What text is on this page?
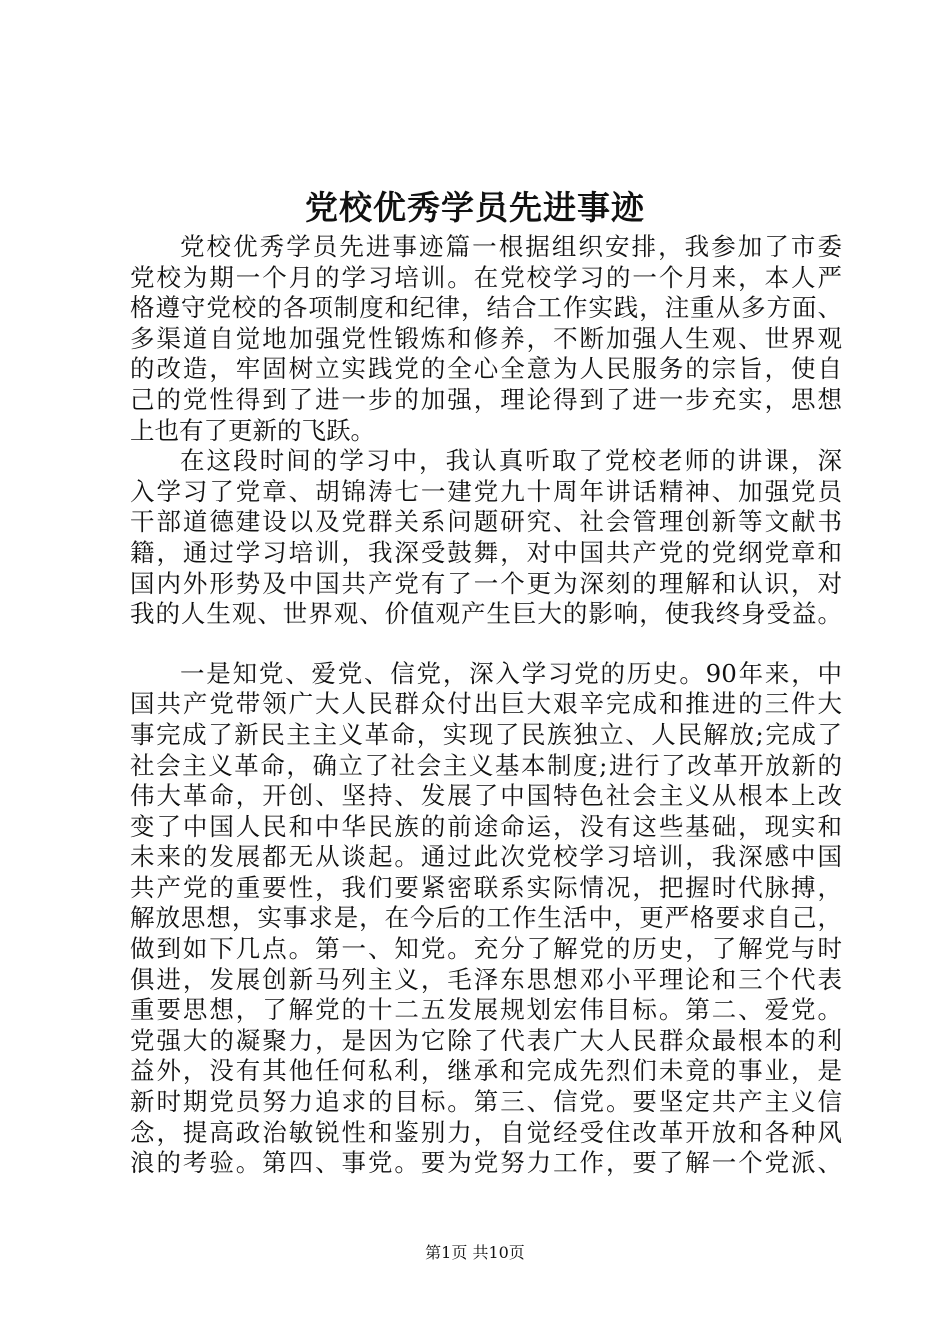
党校优秀学员先进事迹
党校优秀学员先进事迹篇一根据组织安排，我参加了市委
党校为期一个月的学习培训。在党校学习的一个月来，本人严
格遵守党校的各项制度和纪律，结合工作实践，注重从多方面、
多渠道自觉地加强党性锻炼和修养，不断加强人生观、世界观
的改造，牢固树立实践党的全心全意为人民服务的宗旨，使自
己的党性得到了进一步的加强，理论得到了进一步充实，思想
上也有了更新的飞跃。
在这段时间的学习中，我认真听取了党校老师的讲课，深
入学习了党章、胡锦涛七一建党九十周年讲话精神、加强党员
干部道德建设以及党群关系问题研究、社会管理创新等文献书
籍，通过学习培训，我深受鼓舞，对中国共产党的党纲党章和
国内外形势及中国共产党有了一个更为深刻的理解和认识，对
我的人生观、世界观、价值观产生巨大的影响，使我终身受益。
一是知党、爱党、信党，深入学习党的历史。90年来，中
国共产党带领广大人民群众付出巨大艰辛完成和推进的三件大
事完成了新民主主义革命，实现了民族独立、人民解放;完成了
社会主义革命，确立了社会主义基本制度;进行了改革开放新的
伟大革命，开创、坚持、发展了中国特色社会主义从根本上改
变了中国人民和中华民族的前途命运，没有这些基础，现实和
未来的发展都无从谈起。通过此次党校学习培训，我深感中国
共产党的重要性，我们要紧密联系实际情况，把握时代脉搏，
解放思想，实事求是，在今后的工作生活中，更严格要求自己，
做到如下几点。第一、知党。充分了解党的历史，了解党与时
俱进，发展创新马列主义，毛泽东思想邓小平理论和三个代表
重要思想，了解党的十二五发展规划宏伟目标。第二、爱党。
党强大的凝聚力，是因为它除了代表广大人民群众最根本的利
益外，没有其他任何私利，继承和完成先烈们未竟的事业，是
新时期党员努力追求的目标。第三、信党。要坚定共产主义信
念，提高政治敏锐性和鉴别力，自觉经受住改革开放和各种风
浪的考验。第四、事党。要为党努力工作，要了解一个党派、
第1页 共10页
